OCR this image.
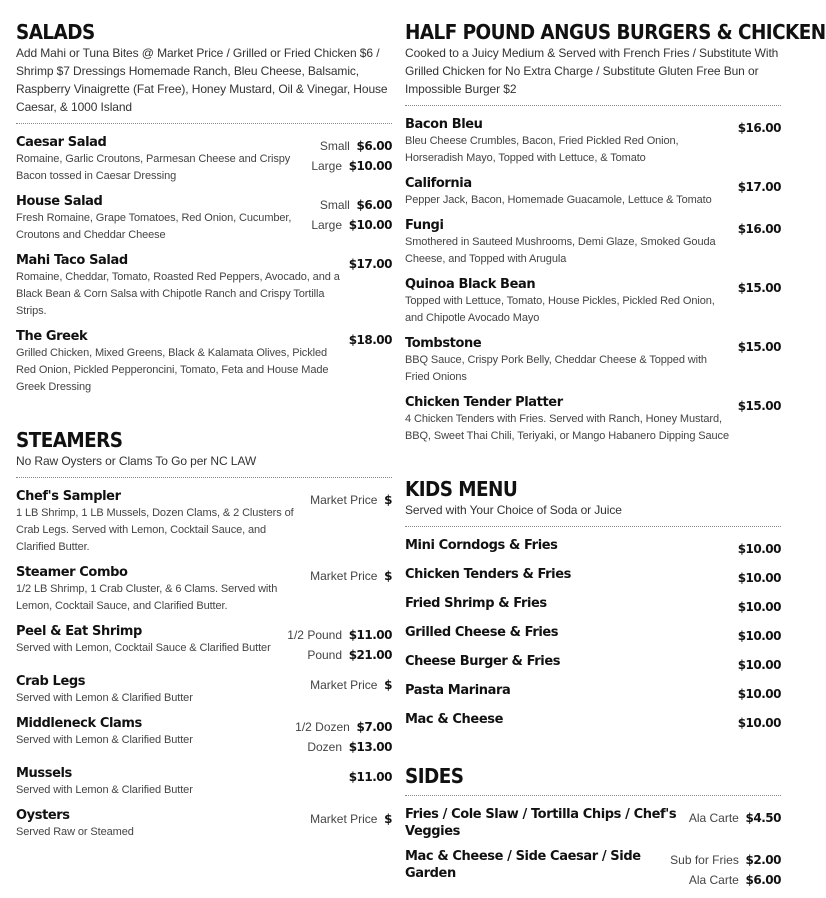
SALADS
Add Mahi or Tuna Bites @ Market Price / Grilled or Fried Chicken $6 / Shrimp $7 Dressings Homemade Ranch, Bleu Cheese, Balsamic, Raspberry Vinaigrette (Fat Free), Honey Mustard, Oil & Vinegar, House Caesar, & 1000 Island
Caesar Salad
Romaine, Garlic Croutons, Parmesan Cheese and Crispy Bacon tossed in Caesar Dressing
Small $6.00
Large $10.00
House Salad
Fresh Romaine, Grape Tomatoes, Red Onion, Cucumber, Croutons and Cheddar Cheese
Small $6.00
Large $10.00
Mahi Taco Salad
Romaine, Cheddar, Tomato, Roasted Red Peppers, Avocado, and a Black Bean & Corn Salsa with Chipotle Ranch and Crispy Tortilla Strips.
$17.00
The Greek
Grilled Chicken, Mixed Greens, Black & Kalamata Olives, Pickled Red Onion, Pickled Pepperoncini, Tomato, Feta and House Made Greek Dressing
$18.00
STEAMERS
No Raw Oysters or Clams To Go per NC LAW
Chef's Sampler
1 LB Shrimp, 1 LB Mussels, Dozen Clams, & 2 Clusters of Crab Legs. Served with Lemon, Cocktail Sauce, and Clarified Butter.
Market Price $
Steamer Combo
1/2 LB Shrimp, 1 Crab Cluster, & 6 Clams. Served with Lemon, Cocktail Sauce, and Clarified Butter.
Market Price $
Peel & Eat Shrimp
Served with Lemon, Cocktail Sauce & Clarified Butter
1/2 Pound $11.00
Pound $21.00
Crab Legs
Served with Lemon & Clarified Butter
Market Price $
Middleneck Clams
Served with Lemon & Clarified Butter
1/2 Dozen $7.00
Dozen $13.00
Mussels
Served with Lemon & Clarified Butter
$11.00
Oysters
Served Raw or Steamed
Market Price $
HALF POUND ANGUS BURGERS & CHICKEN
Cooked to a Juicy Medium & Served with French Fries / Substitute With Grilled Chicken for No Extra Charge / Substitute Gluten Free Bun or Impossible Burger $2
Bacon Bleu
Bleu Cheese Crumbles, Bacon, Fried Pickled Red Onion, Horseradish Mayo, Topped with Lettuce, & Tomato
$16.00
California
Pepper Jack, Bacon, Homemade Guacamole, Lettuce & Tomato
$17.00
Fungi
Smothered in Sauteed Mushrooms, Demi Glaze, Smoked Gouda Cheese, and Topped with Arugula
$16.00
Quinoa Black Bean
Topped with Lettuce, Tomato, House Pickles, Pickled Red Onion, and Chipotle Avocado Mayo
$15.00
Tombstone
BBQ Sauce, Crispy Pork Belly, Cheddar Cheese & Topped with Fried Onions
$15.00
Chicken Tender Platter
4 Chicken Tenders with Fries. Served with Ranch, Honey Mustard, BBQ, Sweet Thai Chili, Teriyaki, or Mango Habanero Dipping Sauce
$15.00
KIDS MENU
Served with Your Choice of Soda or Juice
Mini Corndogs & Fries	$10.00
Chicken Tenders & Fries	$10.00
Fried Shrimp & Fries	$10.00
Grilled Cheese & Fries	$10.00
Cheese Burger & Fries	$10.00
Pasta Marinara	$10.00
Mac & Cheese	$10.00
SIDES
Fries / Cole Slaw / Tortilla Chips / Chef's Veggies
Ala Carte $4.50
Mac & Cheese / Side Caesar / Side Garden
Sub for Fries $2.00
Ala Carte $6.00
